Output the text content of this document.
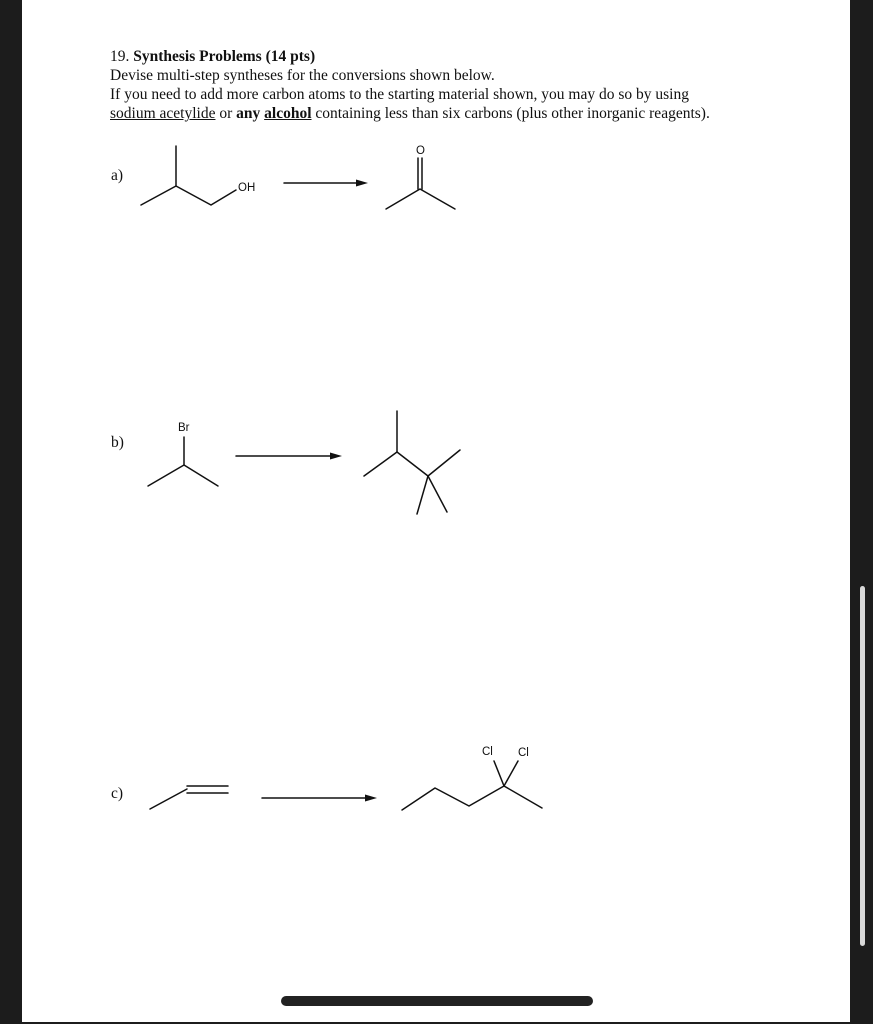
19. Synthesis Problems (14 pts)
Devise multi-step syntheses for the conversions shown below.
If you need to add more carbon atoms to the starting material shown, you may do so by using
sodium acetylide or any alcohol containing less than six carbons (plus other inorganic reagents).
a)
b)
c)
OH
O
Br
Cl Cl
